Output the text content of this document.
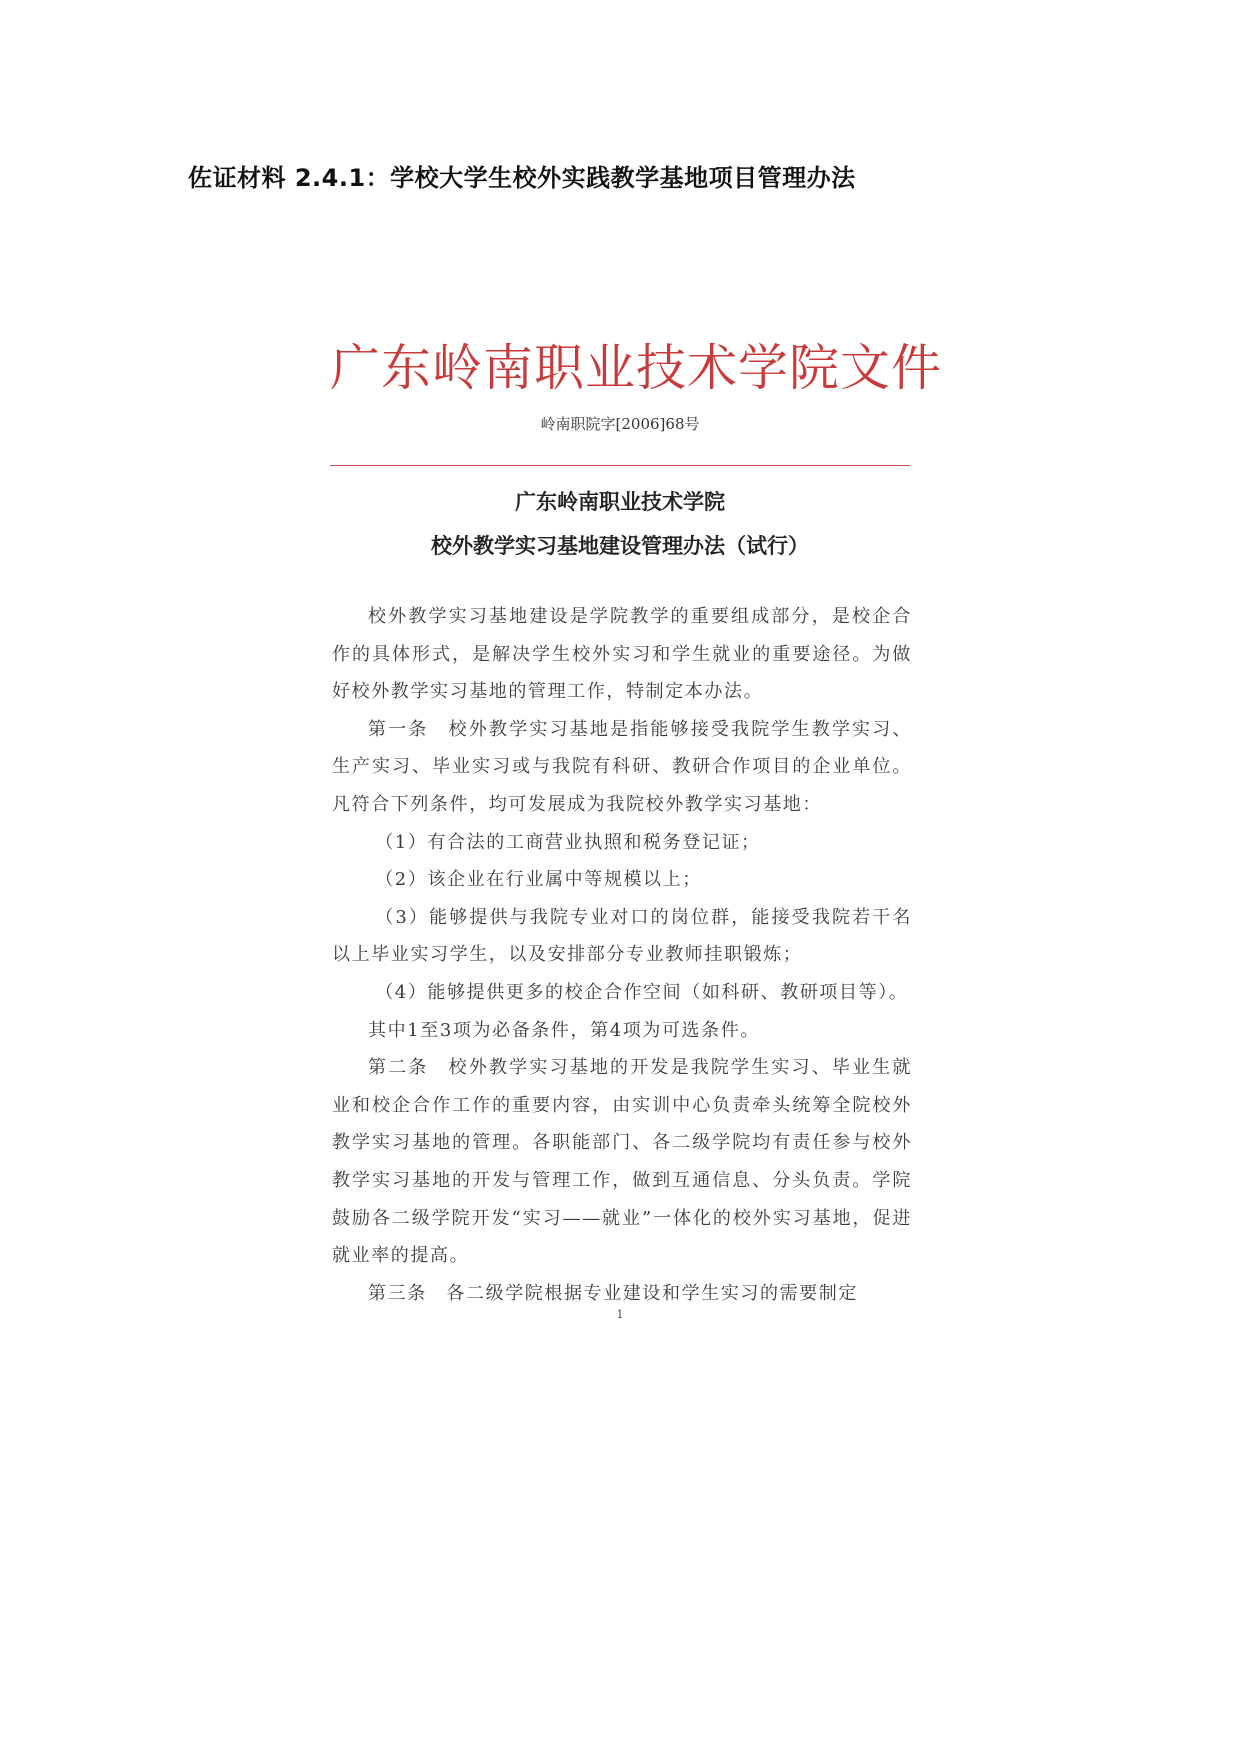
佐证材料 2.4.1：学校大学生校外实践教学基地项目管理办法
广东岭南职业技术学院文件
岭南职院字[2006]68号
广东岭南职业技术学院
校外教学实习基地建设管理办法（试行）

校外教学实习基地建设是学院教学的重要组成部分，是校企合作的具体形式，是解决学生校外实习和学生就业的重要途径。为做好校外教学实习基地的管理工作，特制定本办法。

第一条　校外教学实习基地是指能够接受我院学生教学实习、生产实习、毕业实习或与我院有科研、教研合作项目的企业单位。凡符合下列条件，均可发展成为我院校外教学实习基地：

（1）有合法的工商营业执照和税务登记证；

（2）该企业在行业属中等规模以上；

（3）能够提供与我院专业对口的岗位群，能接受我院若干名以上毕业实习学生，以及安排部分专业教师挂职锻炼；

（4）能够提供更多的校企合作空间（如科研、教研项目等）。

其中1至3项为必备条件，第4项为可选条件。

第二条　校外教学实习基地的开发是我院学生实习、毕业生就业和校企合作工作的重要内容，由实训中心负责牵头统筹全院校外教学实习基地的管理。各职能部门、各二级学院均有责任参与校外教学实习基地的开发与管理工作，做到互通信息、分头负责。学院鼓励各二级学院开发“实习——就业”一体化的校外实习基地，促进就业率的提高。

第三条　各二级学院根据专业建设和学生实习的需要制定

1
